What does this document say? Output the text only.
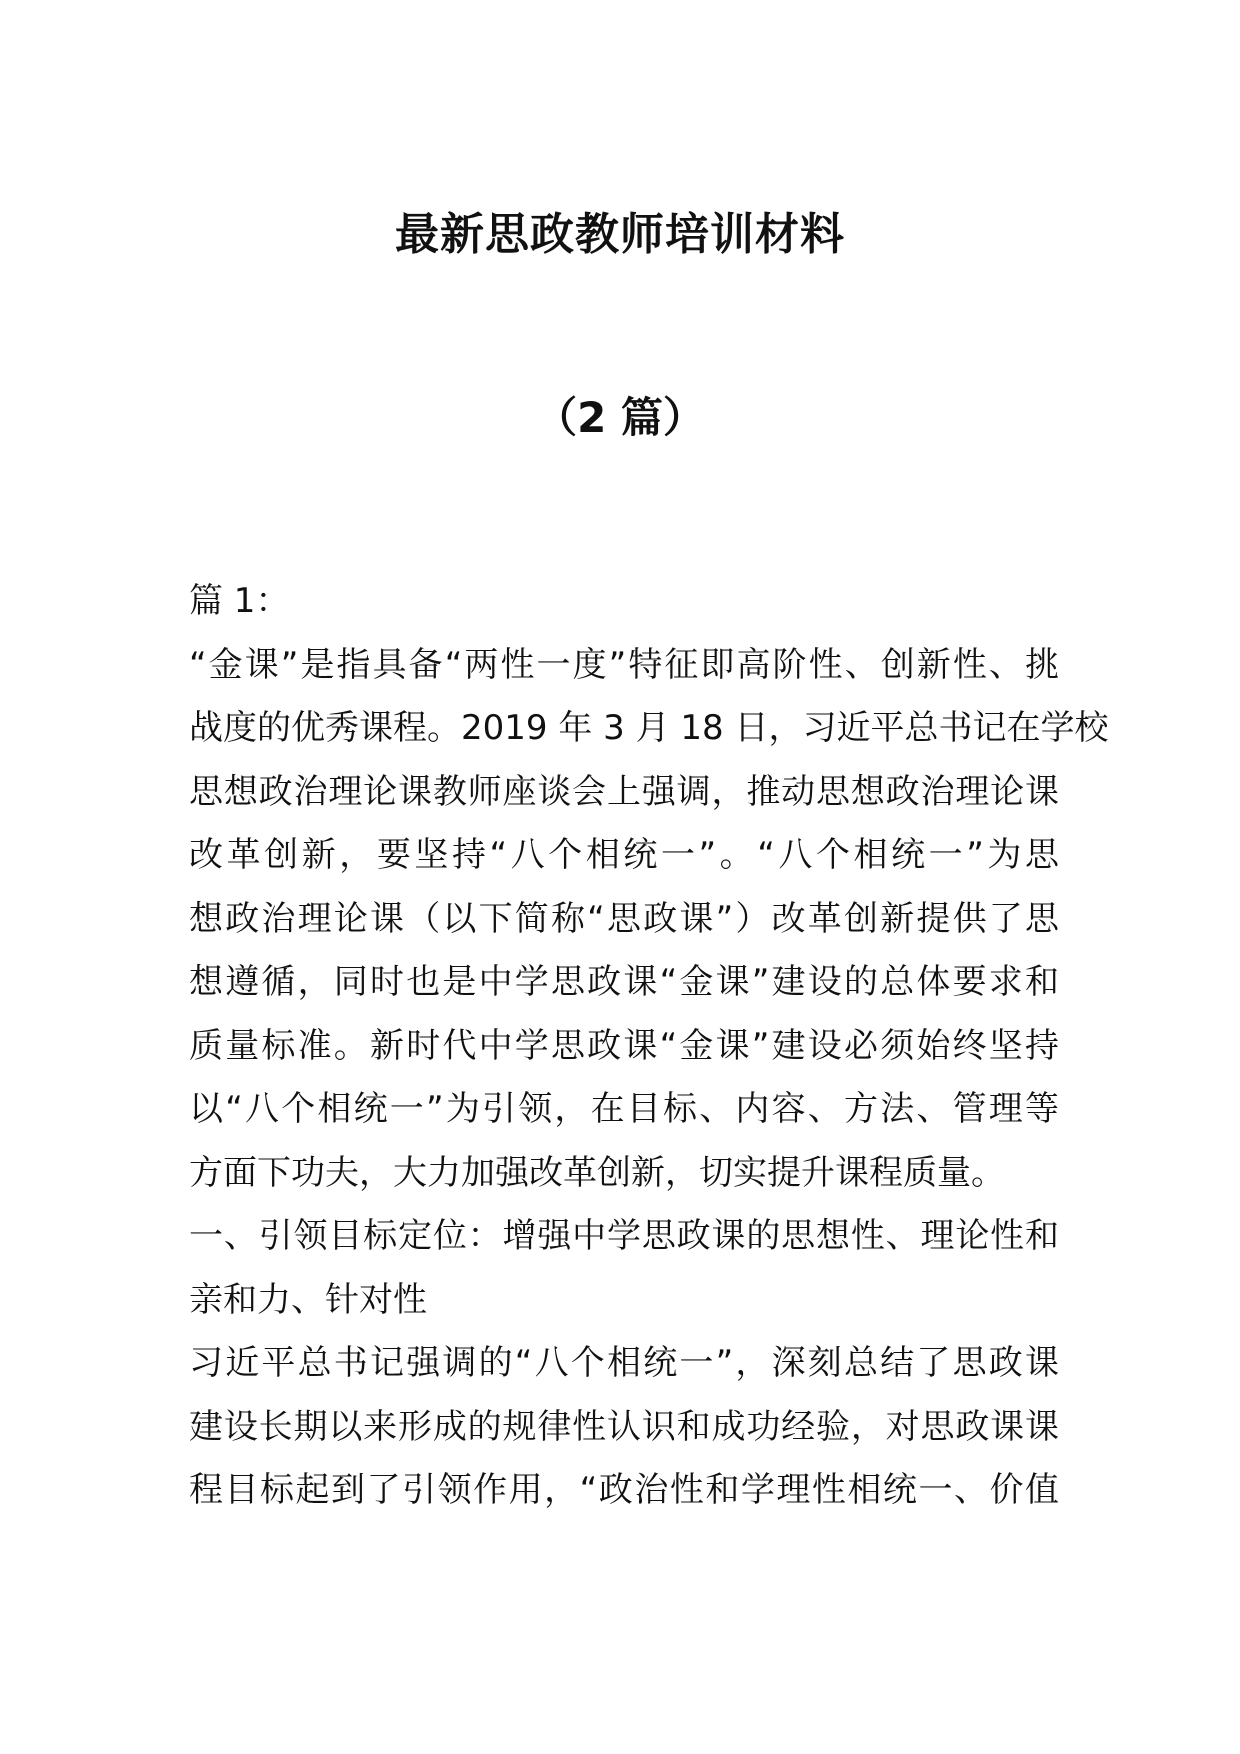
最新思政教师培训材料
（2 篇）
篇 1：
“金课”是指具备“两性一度”特征即高阶性、创新性、挑
战度的优秀课程。2019 年 3 月 18 日，习近平总书记在学校
思想政治理论课教师座谈会上强调，推动思想政治理论课
改革创新，要坚持“八个相统一”。“八个相统一”为思
想政治理论课（以下简称“思政课”）改革创新提供了思
想遵循，同时也是中学思政课“金课”建设的总体要求和
质量标准。新时代中学思政课“金课”建设必须始终坚持
以“八个相统一”为引领，在目标、内容、方法、管理等
方面下功夫，大力加强改革创新，切实提升课程质量。
一、引领目标定位：增强中学思政课的思想性、理论性和
亲和力、针对性
习近平总书记强调的“八个相统一”，深刻总结了思政课
建设长期以来形成的规律性认识和成功经验，对思政课课
程目标起到了引领作用，“政治性和学理性相统一、价值
